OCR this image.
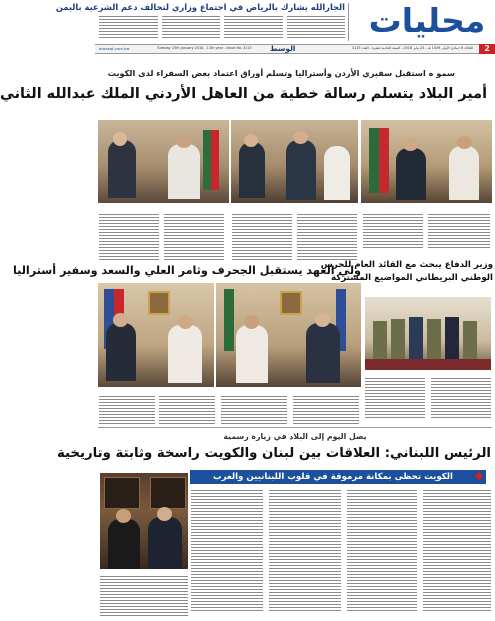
محليات
الجارالله يشارك بالرياض في اجتماع وزاري لتحالف دعم الشرعية باليمن
2
الثلاثاء 6 جمادى الأولى 1439 هـ - 23 يناير 2018 - السنة الحادية عشرة - العدد 3115
الوسط
Tuesday 23th January 2018 - 11th year - Issue No. 3115
alwasat.com.kw
سمو ه استقبل سفيري الأردن وأستراليا وتسلم أوراق اعتماد بعض السفراء لدى الكويت
أمير البلاد يتسلم رسالة خطية من العاهل الأردني الملك عبدالله الثاني
ولي العهد يستقبل الجحرف وثامر العلي والسعد وسفير أستراليا
وزير الدفاع يبحث مع القائد العام للحرس
الوطني البريطاني المواضيع المشتركة
يصل اليوم إلى البلاد في زيارة رسمية
الرئيس اللبناني: العلاقات بين لبنان والكويت راسخة وثابتة وتاريخية
الكويت تحظى بمكانة مرموقة في قلوب اللبنانيين والعرب
